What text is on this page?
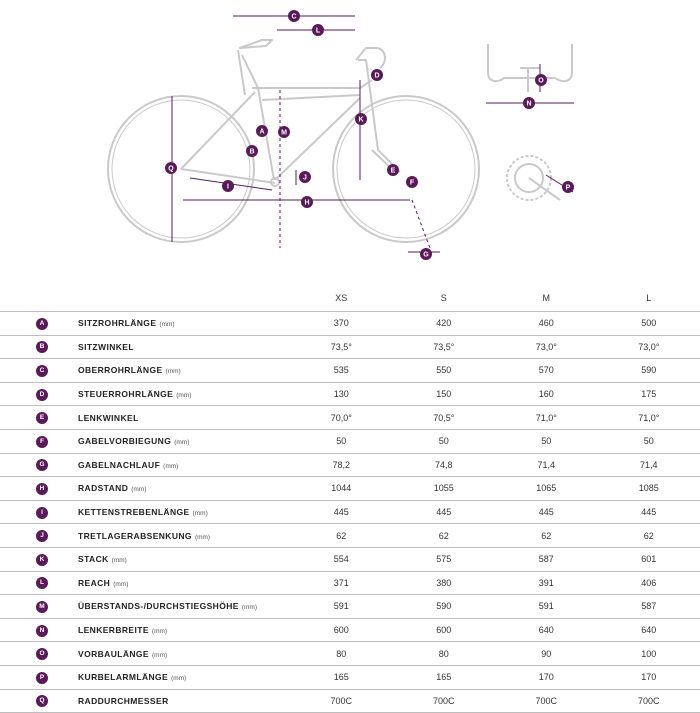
C
L
D
K
M
A
B
Q
J
I
H
E
F
G
O
N
P
		XS	S	M	L
A	SITZROHRLÄNGE (mm)	370	420	460	500
B	SITZWINKEL	73,5°	73,5°	73,0°	73,0°
C	OBERROHRLÄNGE (mm)	535	550	570	590
D	STEUERROHRLÄNGE (mm)	130	150	160	175
E	LENKWINKEL	70,0°	70,5°	71,0°	71,0°
F	GABELVORBIEGUNG (mm)	50	50	50	50
G	GABELNACHLAUF (mm)	78,2	74,8	71,4	71,4
H	RADSTAND (mm)	1044	1055	1065	1085
I	KETTENSTREBENLÄNGE (mm)	445	445	445	445
J	TRETLAGERABSENKUNG (mm)	62	62	62	62
K	STACK (mm)	554	575	587	601
L	REACH (mm)	371	380	391	406
M	ÜBERSTANDS-/DURCHSTIEGSHÖHE (mm)	591	590	591	587
N	LENKERBREITE (mm)	600	600	640	640
O	VORBAULÄNGE (mm)	80	80	90	100
P	KURBELARMLÄNGE (mm)	165	165	170	170
Q	RADDURCHMESSER	700C	700C	700C	700C
